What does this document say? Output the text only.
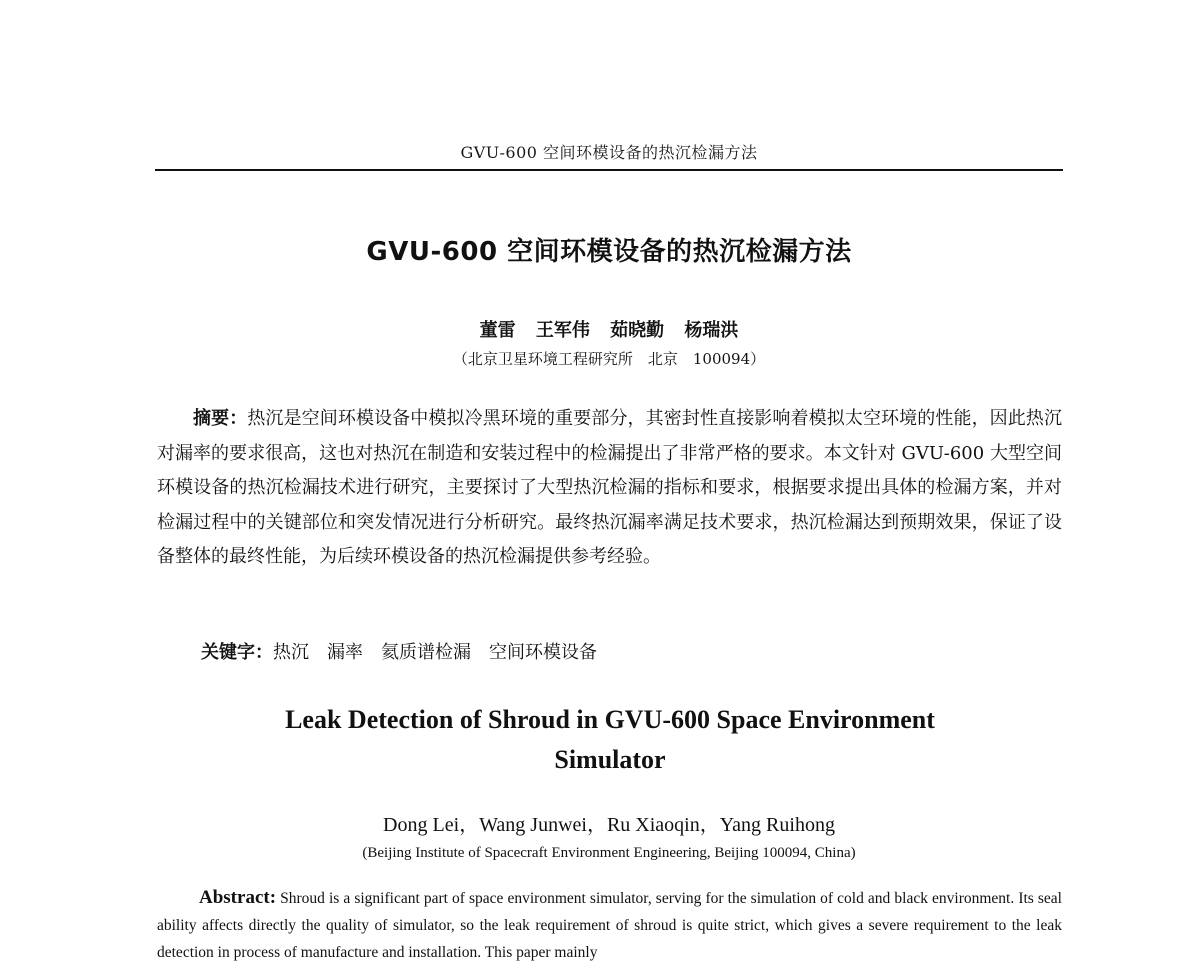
GVU-600 空间环模设备的热沉检漏方法
GVU-600 空间环模设备的热沉检漏方法
董雷 王军伟 茹晓勤 杨瑞洪
（北京卫星环境工程研究所　北京　100094）
摘要：热沉是空间环模设备中模拟冷黑环境的重要部分，其密封性直接影响着模拟太空环境的性能，因此热沉对漏率的要求很高，这也对热沉在制造和安装过程中的检漏提出了非常严格的要求。本文针对 GVU-600 大型空间环模设备的热沉检漏技术进行研究，主要探讨了大型热沉检漏的指标和要求，根据要求提出具体的检漏方案，并对检漏过程中的关键部位和突发情况进行分析研究。最终热沉漏率满足技术要求，热沉检漏达到预期效果，保证了设备整体的最终性能，为后续环模设备的热沉检漏提供参考经验。
关键字：热沉 漏率 氦质谱检漏 空间环模设备
Leak Detection of Shroud in GVU-600 Space Environment Simulator
Dong Lei，Wang Junwei，Ru Xiaoqin，Yang Ruihong
(Beijing Institute of Spacecraft Environment Engineering, Beijing 100094, China)
Abstract: Shroud is a significant part of space environment simulator, serving for the simulation of cold and black environment. Its seal ability affects directly the quality of simulator, so the leak requirement of shroud is quite strict, which gives a severe requirement to the leak detection in process of manufacture and installation. This paper mainly
